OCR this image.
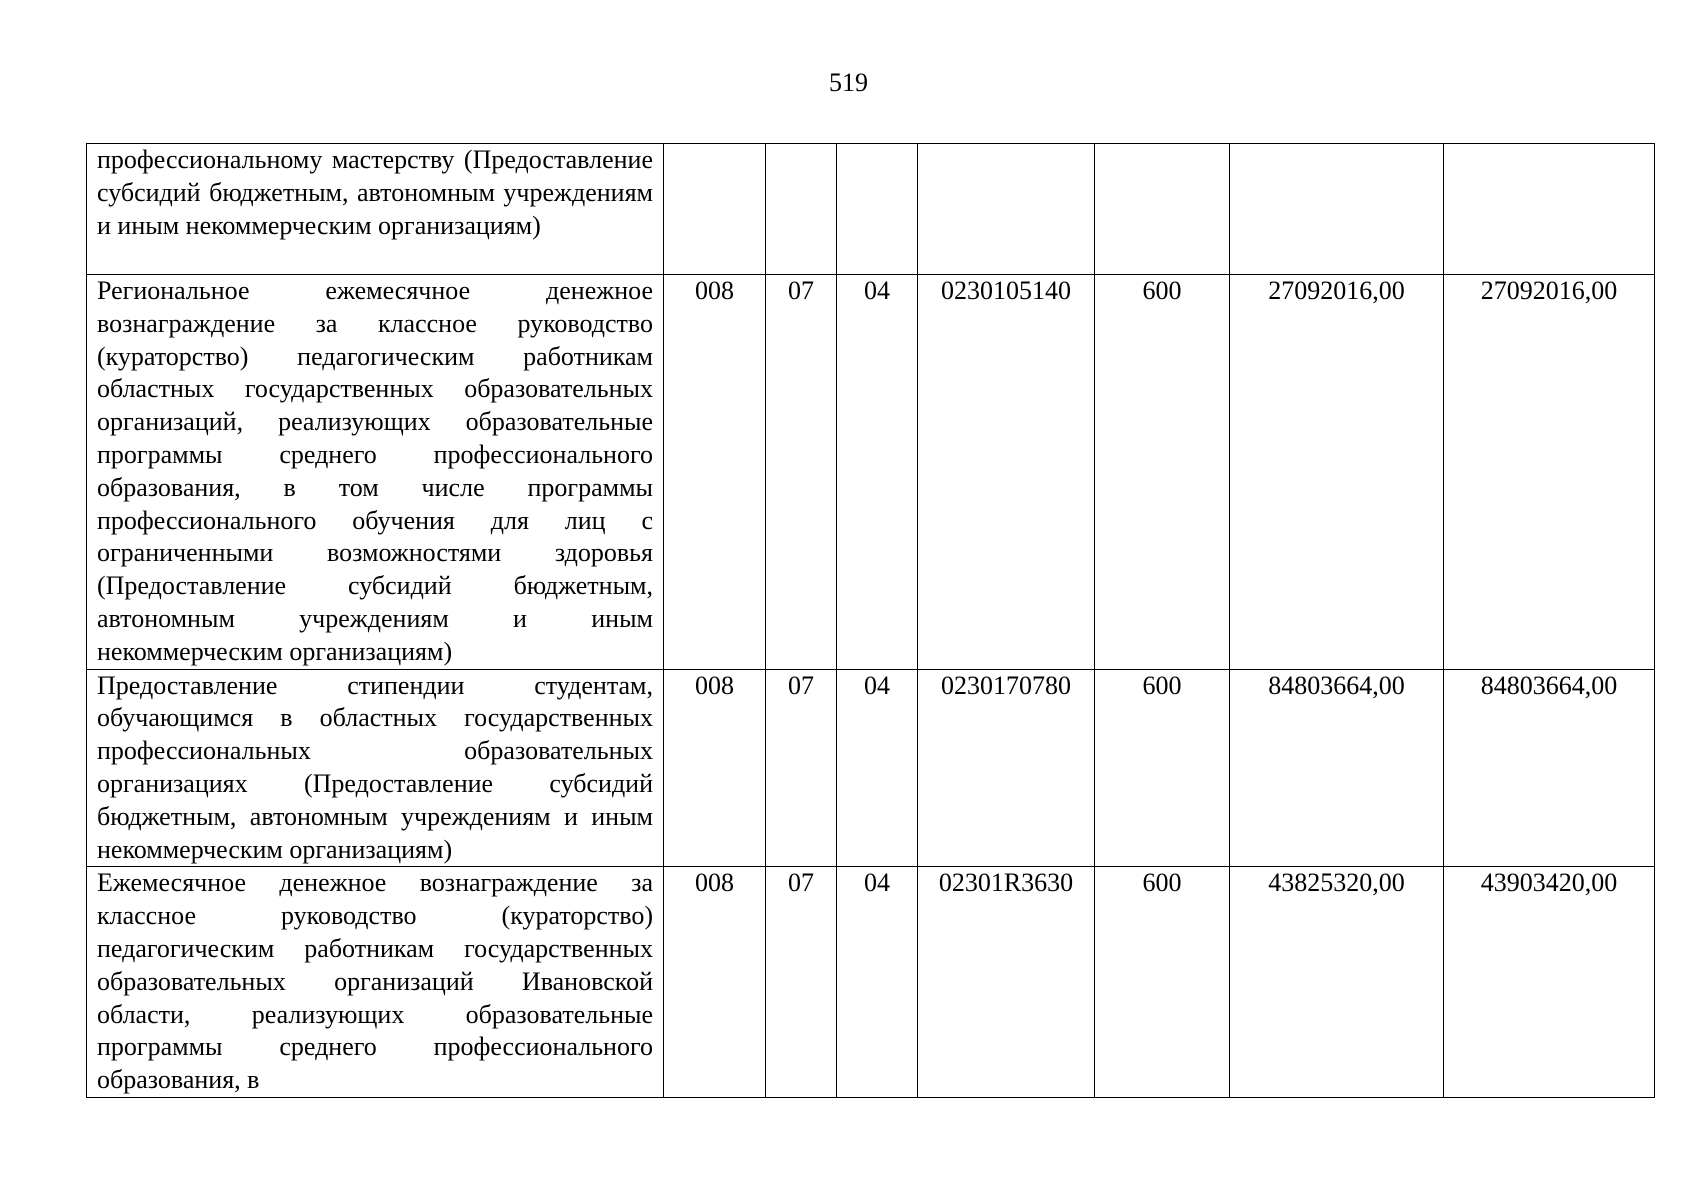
519
профессиональному мастерству (Предоставление субсидий бюджетным, автономным учреждениям и иным некоммерческим организациям)							

Региональное ежемесячное денежное вознаграждение за классное руководство (кураторство) педагогическим работникам областных государственных образовательных организаций, реализующих образовательные программы среднего профессионального образования, в том числе программы профессионального обучения для лиц с ограниченными возможностями здоровья (Предоставление субсидий бюджетным, автономным учреждениям и иным некоммерческим организациям)	008	07	04	0230105140	600	27092016,00	27092016,00

Предоставление стипендии студентам, обучающимся в областных государственных профессиональных образовательных организациях (Предоставление субсидий бюджетным, автономным учреждениям и иным некоммерческим организациям)	008	07	04	0230170780	600	84803664,00	84803664,00

Ежемесячное денежное вознаграждение за классное руководство (кураторство) педагогическим работникам государственных образовательных организаций Ивановской области, реализующих образовательные программы среднего профессионального образования, в	008	07	04	02301R3630	600	43825320,00	43903420,00
